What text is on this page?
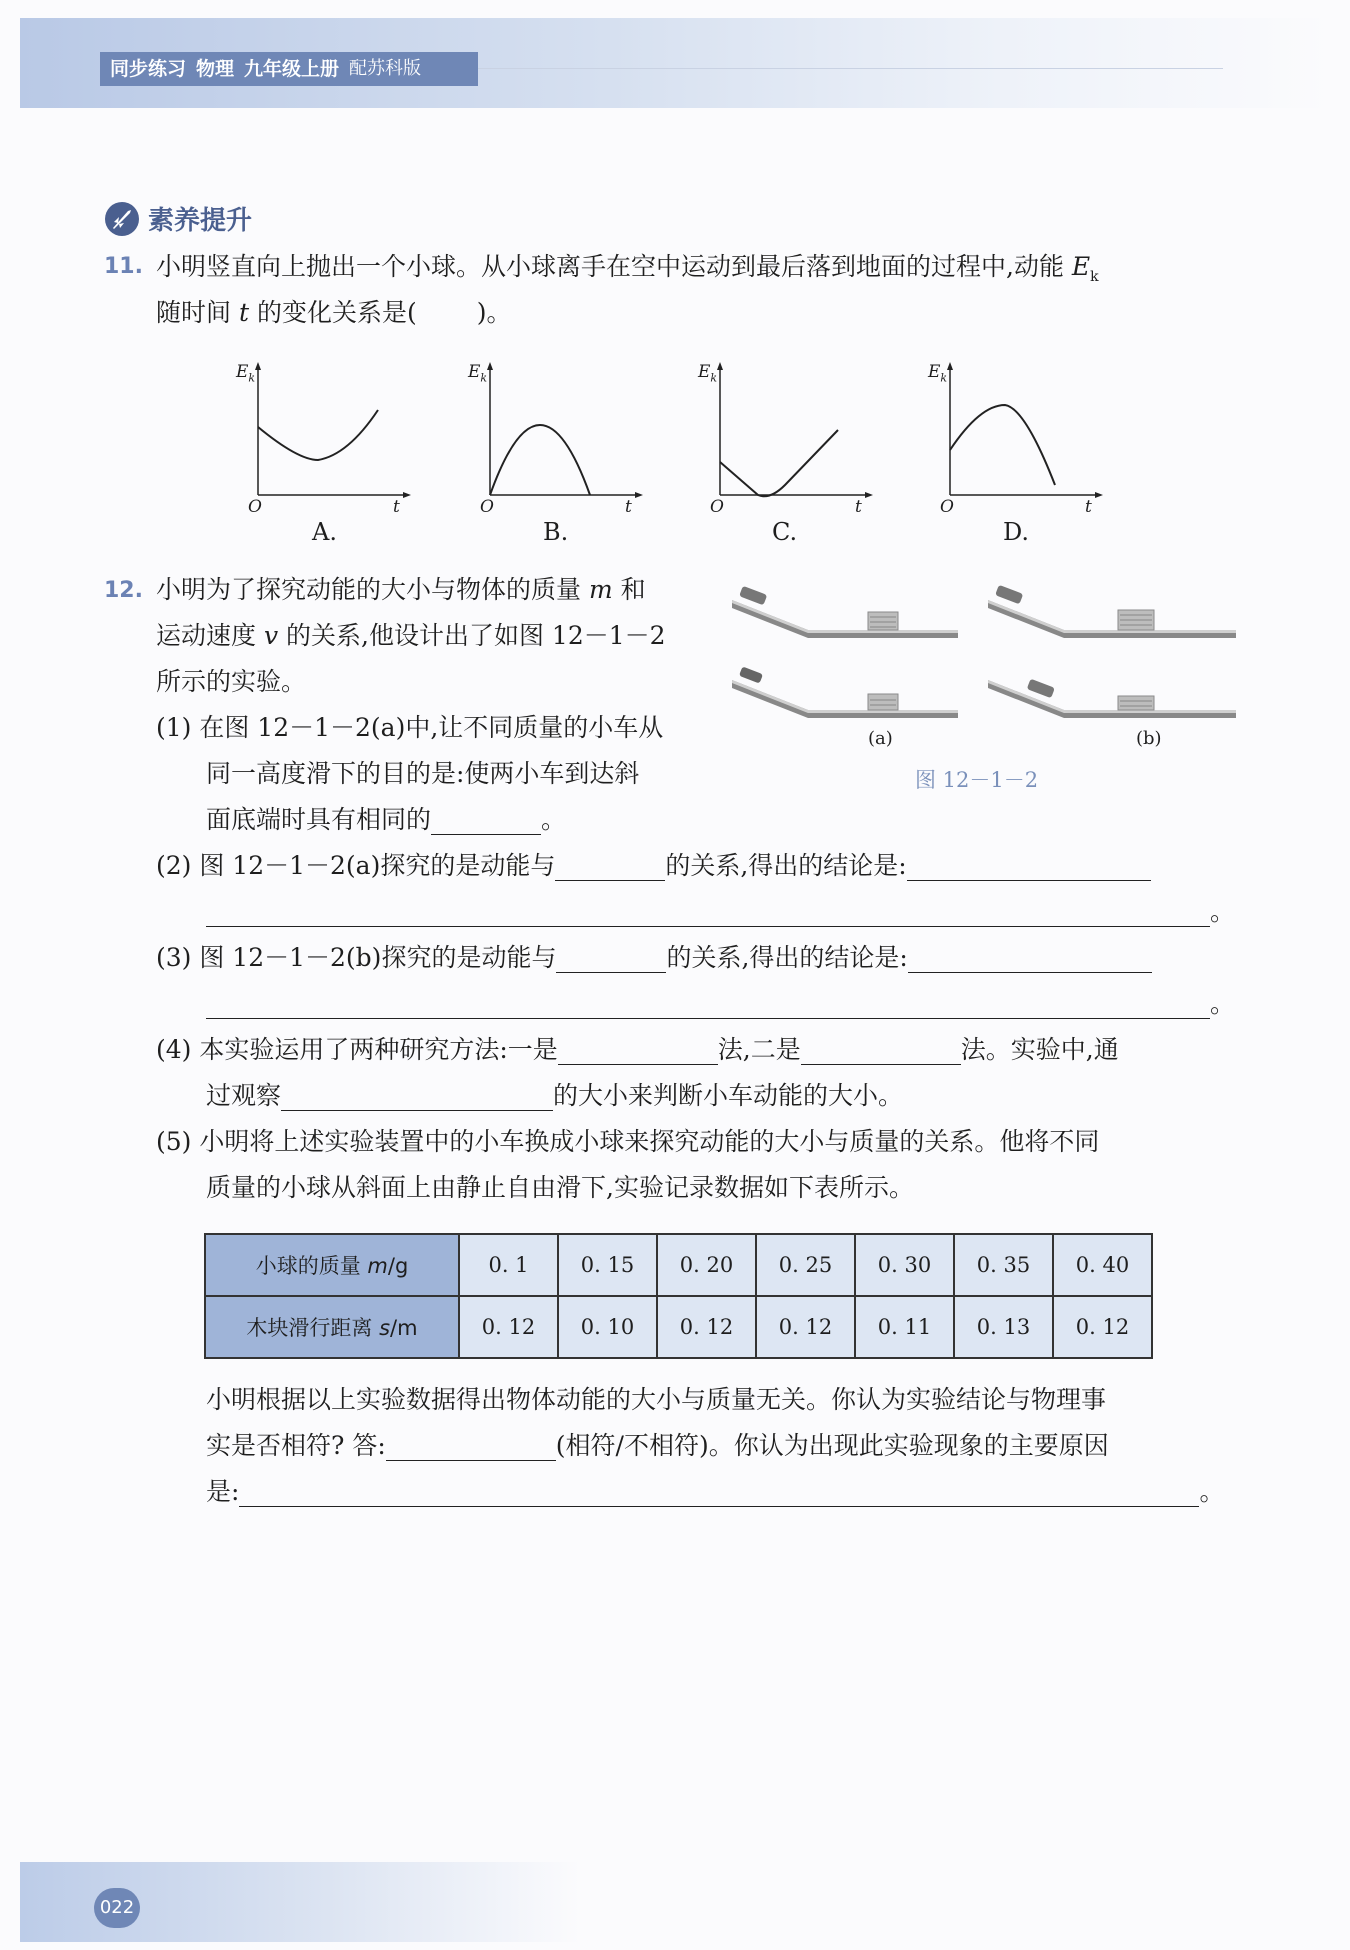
同步练习 物理 九年级上册 配苏科版
素养提升
11. 小明竖直向上抛出一个小球。从小球离手在空中运动到最后落到地面的过程中,动能 $E_k$
随时间 t 的变化关系是( )。
$E_k$
O	t
A.
$E_k$
O	t
B.
$E_k$
O	t
C.
$E_k$
O	t
D.
12. 小明为了探究动能的大小与物体的质量 m 和
运动速度 v 的关系,他设计出了如图 12－1－2
所示的实验。
(a)	(b)
图 12－1－2
(1) 在图 12－1－2(a)中,让不同质量的小车从
同一高度滑下的目的是:使两小车到达斜
面底端时具有相同的	。
(2) 图 12－1－2(a)探究的是动能与	的关系,得出的结论是:
。
(3) 图 12－1－2(b)探究的是动能与	的关系,得出的结论是:
。
(4) 本实验运用了两种研究方法:一是	法,二是	法。实验中,通
过观察	的大小来判断小车动能的大小。
(5) 小明将上述实验装置中的小车换成小球来探究动能的大小与质量的关系。他将不同
质量的小球从斜面上由静止自由滑下,实验记录数据如下表所示。
小球的质量 m/g	0. 1	0. 15	0. 20	0. 25	0. 30	0. 35	0. 40
木块滑行距离 s/m	0. 12	0. 10	0. 12	0. 12	0. 11	0. 13	0. 12
小明根据以上实验数据得出物体动能的大小与质量无关。你认为实验结论与物理事
实是否相符? 答:	(相符/不相符)。你认为出现此实验现象的主要原因
是:	。
022
